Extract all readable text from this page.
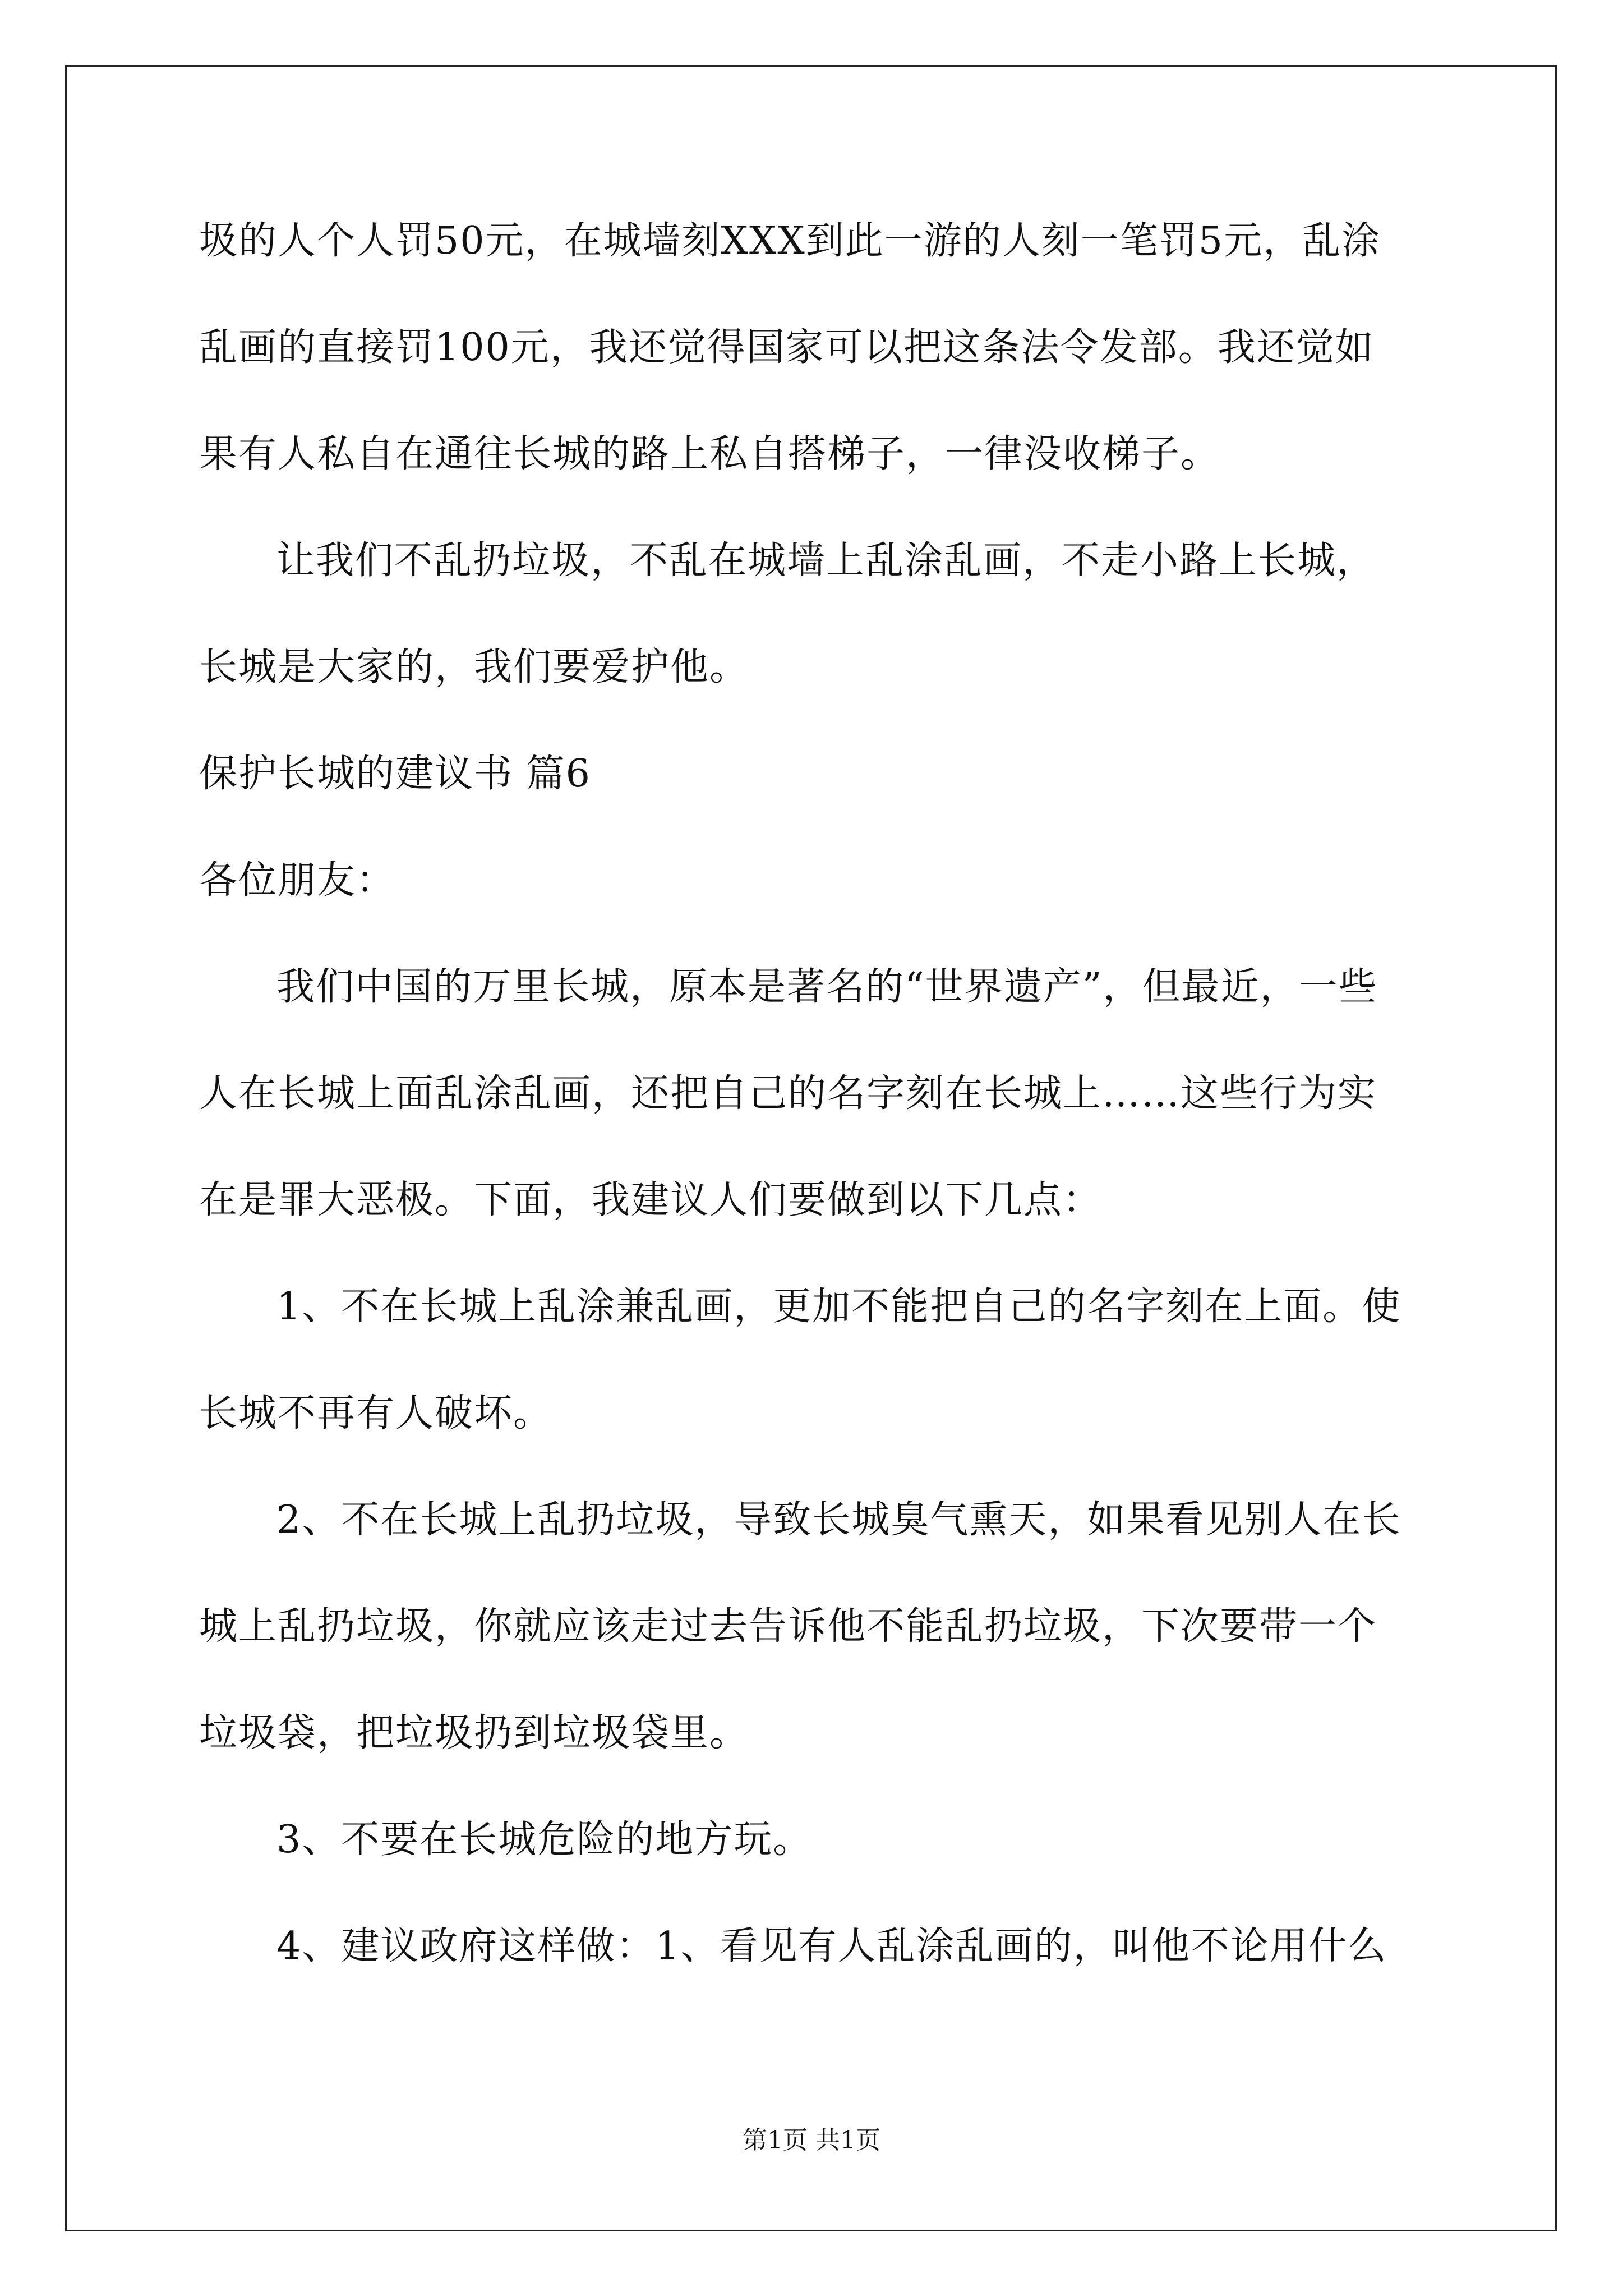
圾的人个人罚50元，在城墙刻XXX到此一游的人刻一笔罚5元，乱涂
乱画的直接罚100元，我还觉得国家可以把这条法令发部。我还觉如
果有人私自在通往长城的路上私自搭梯子，一律没收梯子。
让我们不乱扔垃圾，不乱在城墙上乱涂乱画，不走小路上长城，
长城是大家的，我们要爱护他。
保护长城的建议书 篇6
各位朋友：
我们中国的万里长城，原本是著名的“世界遗产”，但最近，一些
人在长城上面乱涂乱画，还把自己的名字刻在长城上……这些行为实
在是罪大恶极。下面，我建议人们要做到以下几点：
1、不在长城上乱涂兼乱画，更加不能把自己的名字刻在上面。使
长城不再有人破坏。
2、不在长城上乱扔垃圾，导致长城臭气熏天，如果看见别人在长
城上乱扔垃圾，你就应该走过去告诉他不能乱扔垃圾，下次要带一个
垃圾袋，把垃圾扔到垃圾袋里。
3、不要在长城危险的地方玩。
4、建议政府这样做：1、看见有人乱涂乱画的，叫他不论用什么
第1页 共1页
